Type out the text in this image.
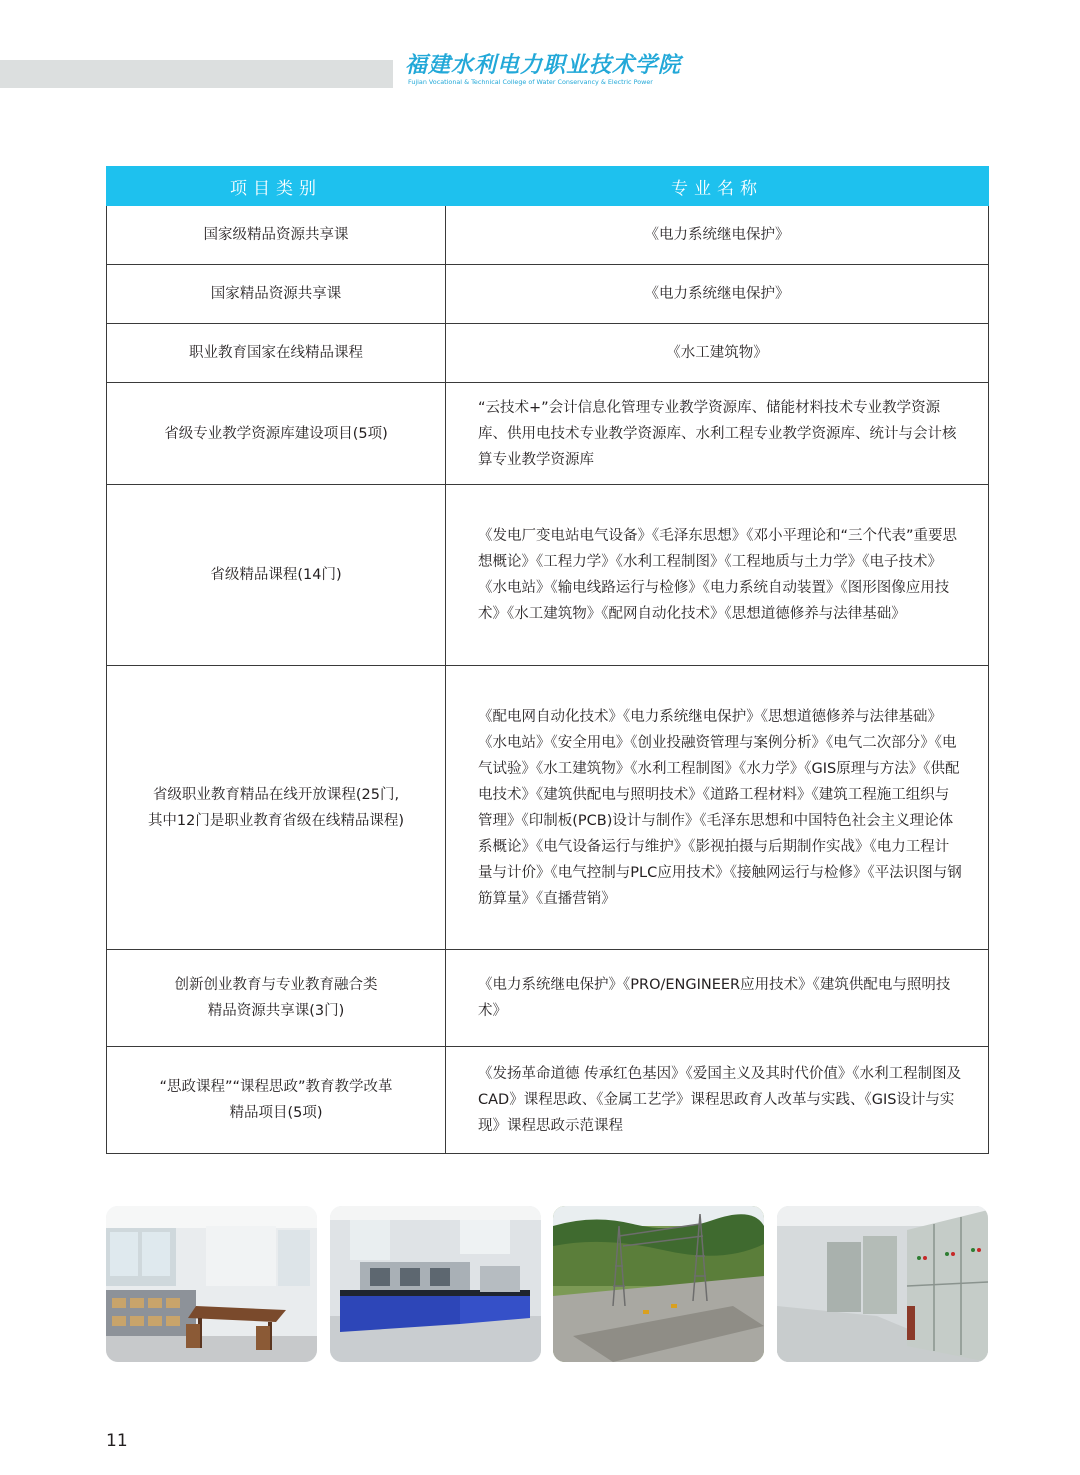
福建水利电力职业技术学院
Fujian Vocational & Technical College of Water Conservancy & Electric Power
项目类别	专业名称
国家级精品资源共享课	《电力系统继电保护》
国家精品资源共享课	《电力系统继电保护》
职业教育国家在线精品课程	《水工建筑物》
省级专业教学资源库建设项目(5项)	“云技术+”会计信息化管理专业教学资源库、储能材料技术专业教学资源库、供用电技术专业教学资源库、水利工程专业教学资源库、统计与会计核算专业教学资源库
省级精品课程(14门)	《发电厂变电站电气设备》《毛泽东思想》《邓小平理论和“三个代表”重要思想概论》《工程力学》《水利工程制图》《工程地质与土力学》《电子技术》《水电站》《输电线路运行与检修》《电力系统自动装置》《图形图像应用技术》《水工建筑物》《配网自动化技术》《思想道德修养与法律基础》

省级职业教育精品在线开放课程(25门,
其中12门是职业教育省级在线精品课程)	《配电网自动化技术》《电力系统继电保护》《思想道德修养与法律基础》《水电站》《安全用电》《创业投融资管理与案例分析》《电气二次部分》《电气试验》《水工建筑物》《水利工程制图》《水力学》《GIS原理与方法》《供配电技术》《建筑供配电与照明技术》《道路工程材料》《建筑工程施工组织与管理》《印制板(PCB)设计与制作》《毛泽东思想和中国特色社会主义理论体系概论》《电气设备运行与维护》《影视拍摄与后期制作实战》《电力工程计量与计价》《电气控制与PLC应用技术》《接触网运行与检修》《平法识图与钢筋算量》《直播营销》

创新创业教育与专业教育融合类
精品资源共享课(3门)	《电力系统继电保护》《PRO/ENGINEER应用技术》《建筑供配电与照明技术》

“思政课程”“课程思政”教育教学改革
精品项目(5项)	《发扬革命道德 传承红色基因》《爱国主义及其时代价值》《水利工程制图及CAD》课程思政、《金属工艺学》课程思政育人改革与实践、《GIS设计与实现》课程思政示范课程
11
